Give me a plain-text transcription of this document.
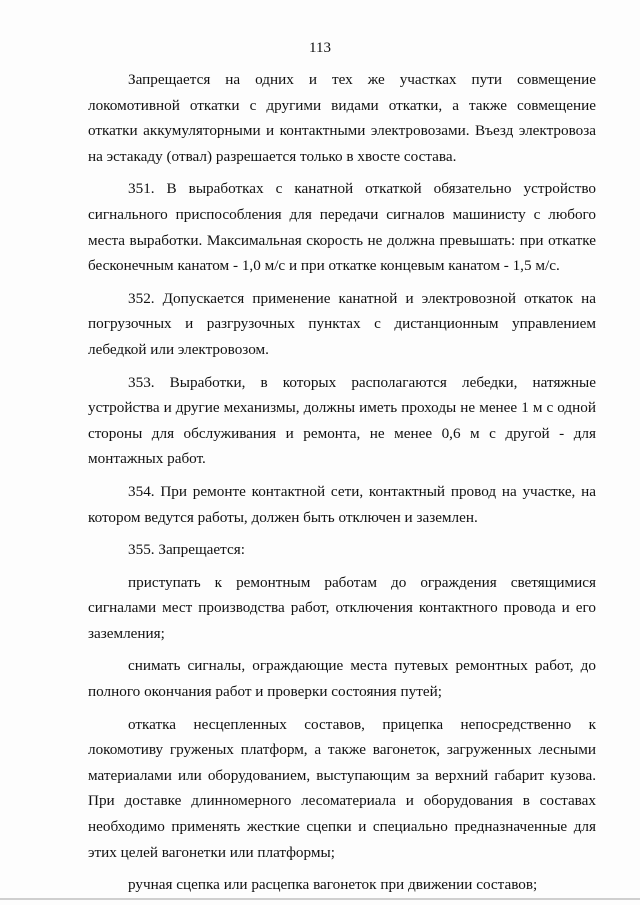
113

Запрещается на одних и тех же участках пути совмещение локомотивной откатки с другими видами откатки, а также совмещение откатки аккумуляторными и контактными электровозами. Въезд электровоза на эстакаду (отвал) разрешается только в хвосте состава.

351. В выработках с канатной откаткой обязательно устройство сигнального приспособления для передачи сигналов машинисту с любого места выработки. Максимальная скорость не должна превышать: при откатке бесконечным канатом - 1,0 м/с и при откатке концевым канатом - 1,5 м/с.

352. Допускается применение канатной и электровозной откаток на погрузочных и разгрузочных пунктах с дистанционным управлением лебедкой или электровозом.

353. Выработки, в которых располагаются лебедки, натяжные устройства и другие механизмы, должны иметь проходы не менее 1 м с одной стороны для обслуживания и ремонта, не менее 0,6 м с другой - для монтажных работ.

354. При ремонте контактной сети, контактный провод на участке, на котором ведутся работы, должен быть отключен и заземлен.

355. Запрещается:

приступать к ремонтным работам до ограждения светящимися сигналами мест производства работ, отключения контактного провода и его заземления;

снимать сигналы, ограждающие места путевых ремонтных работ, до полного окончания работ и проверки состояния путей;

откатка несцепленных составов, прицепка непосредственно к локомотиву груженых платформ, а также вагонеток, загруженных лесными материалами или оборудованием, выступающим за верхний габарит кузова. При доставке длинномерного лесоматериала и оборудования в составах необходимо применять жесткие сцепки и специально предназначенные для этих целей вагонетки или платформы;

ручная сцепка или расцепка вагонеток при движении составов;
